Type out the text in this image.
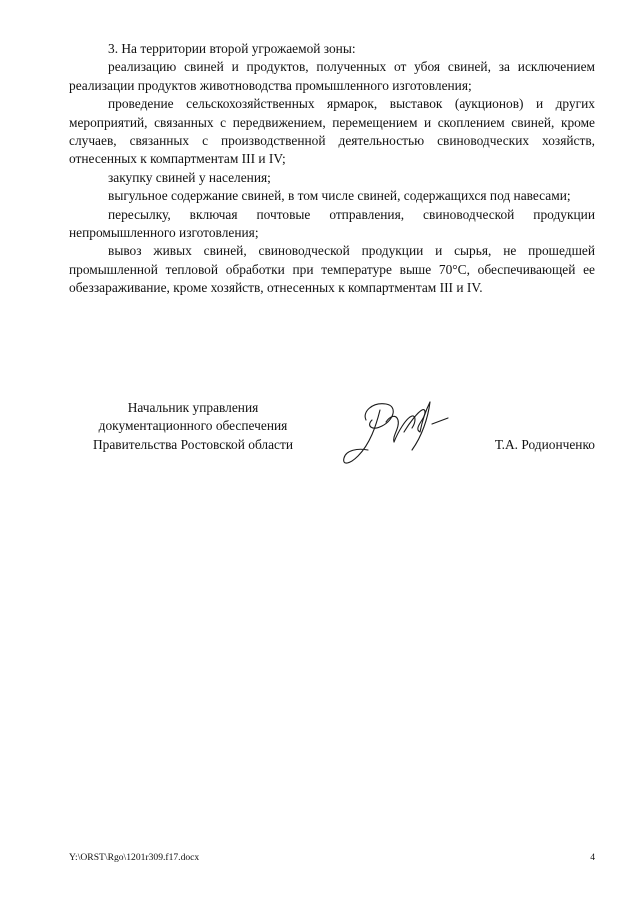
3. На территории второй угрожаемой зоны:

реализацию свиней и продуктов, полученных от убоя свиней, за исключением реализации продуктов животноводства промышленного изготовления;

проведение сельскохозяйственных ярмарок, выставок (аукционов) и других мероприятий, связанных с передвижением, перемещением и скоплением свиней, кроме случаев, связанных с производственной деятельностью свиноводческих хозяйств, отнесенных к компартментам III и IV;

закупку свиней у населения;

выгульное содержание свиней, в том числе свиней, содержащихся под навесами;

пересылку, включая почтовые отправления, свиноводческой продукции непромышленного изготовления;

вывоз живых свиней, свиноводческой продукции и сырья, не прошедшей промышленной тепловой обработки при температуре выше 70°С, обеспечивающей ее обеззараживание, кроме хозяйств, отнесенных к компартментам III и IV.

Начальник управления
документационного обеспечения
Правительства Ростовской области	Т.А. Родионченко
Y:\ORST\Rgo\1201r309.f17.docx	4
